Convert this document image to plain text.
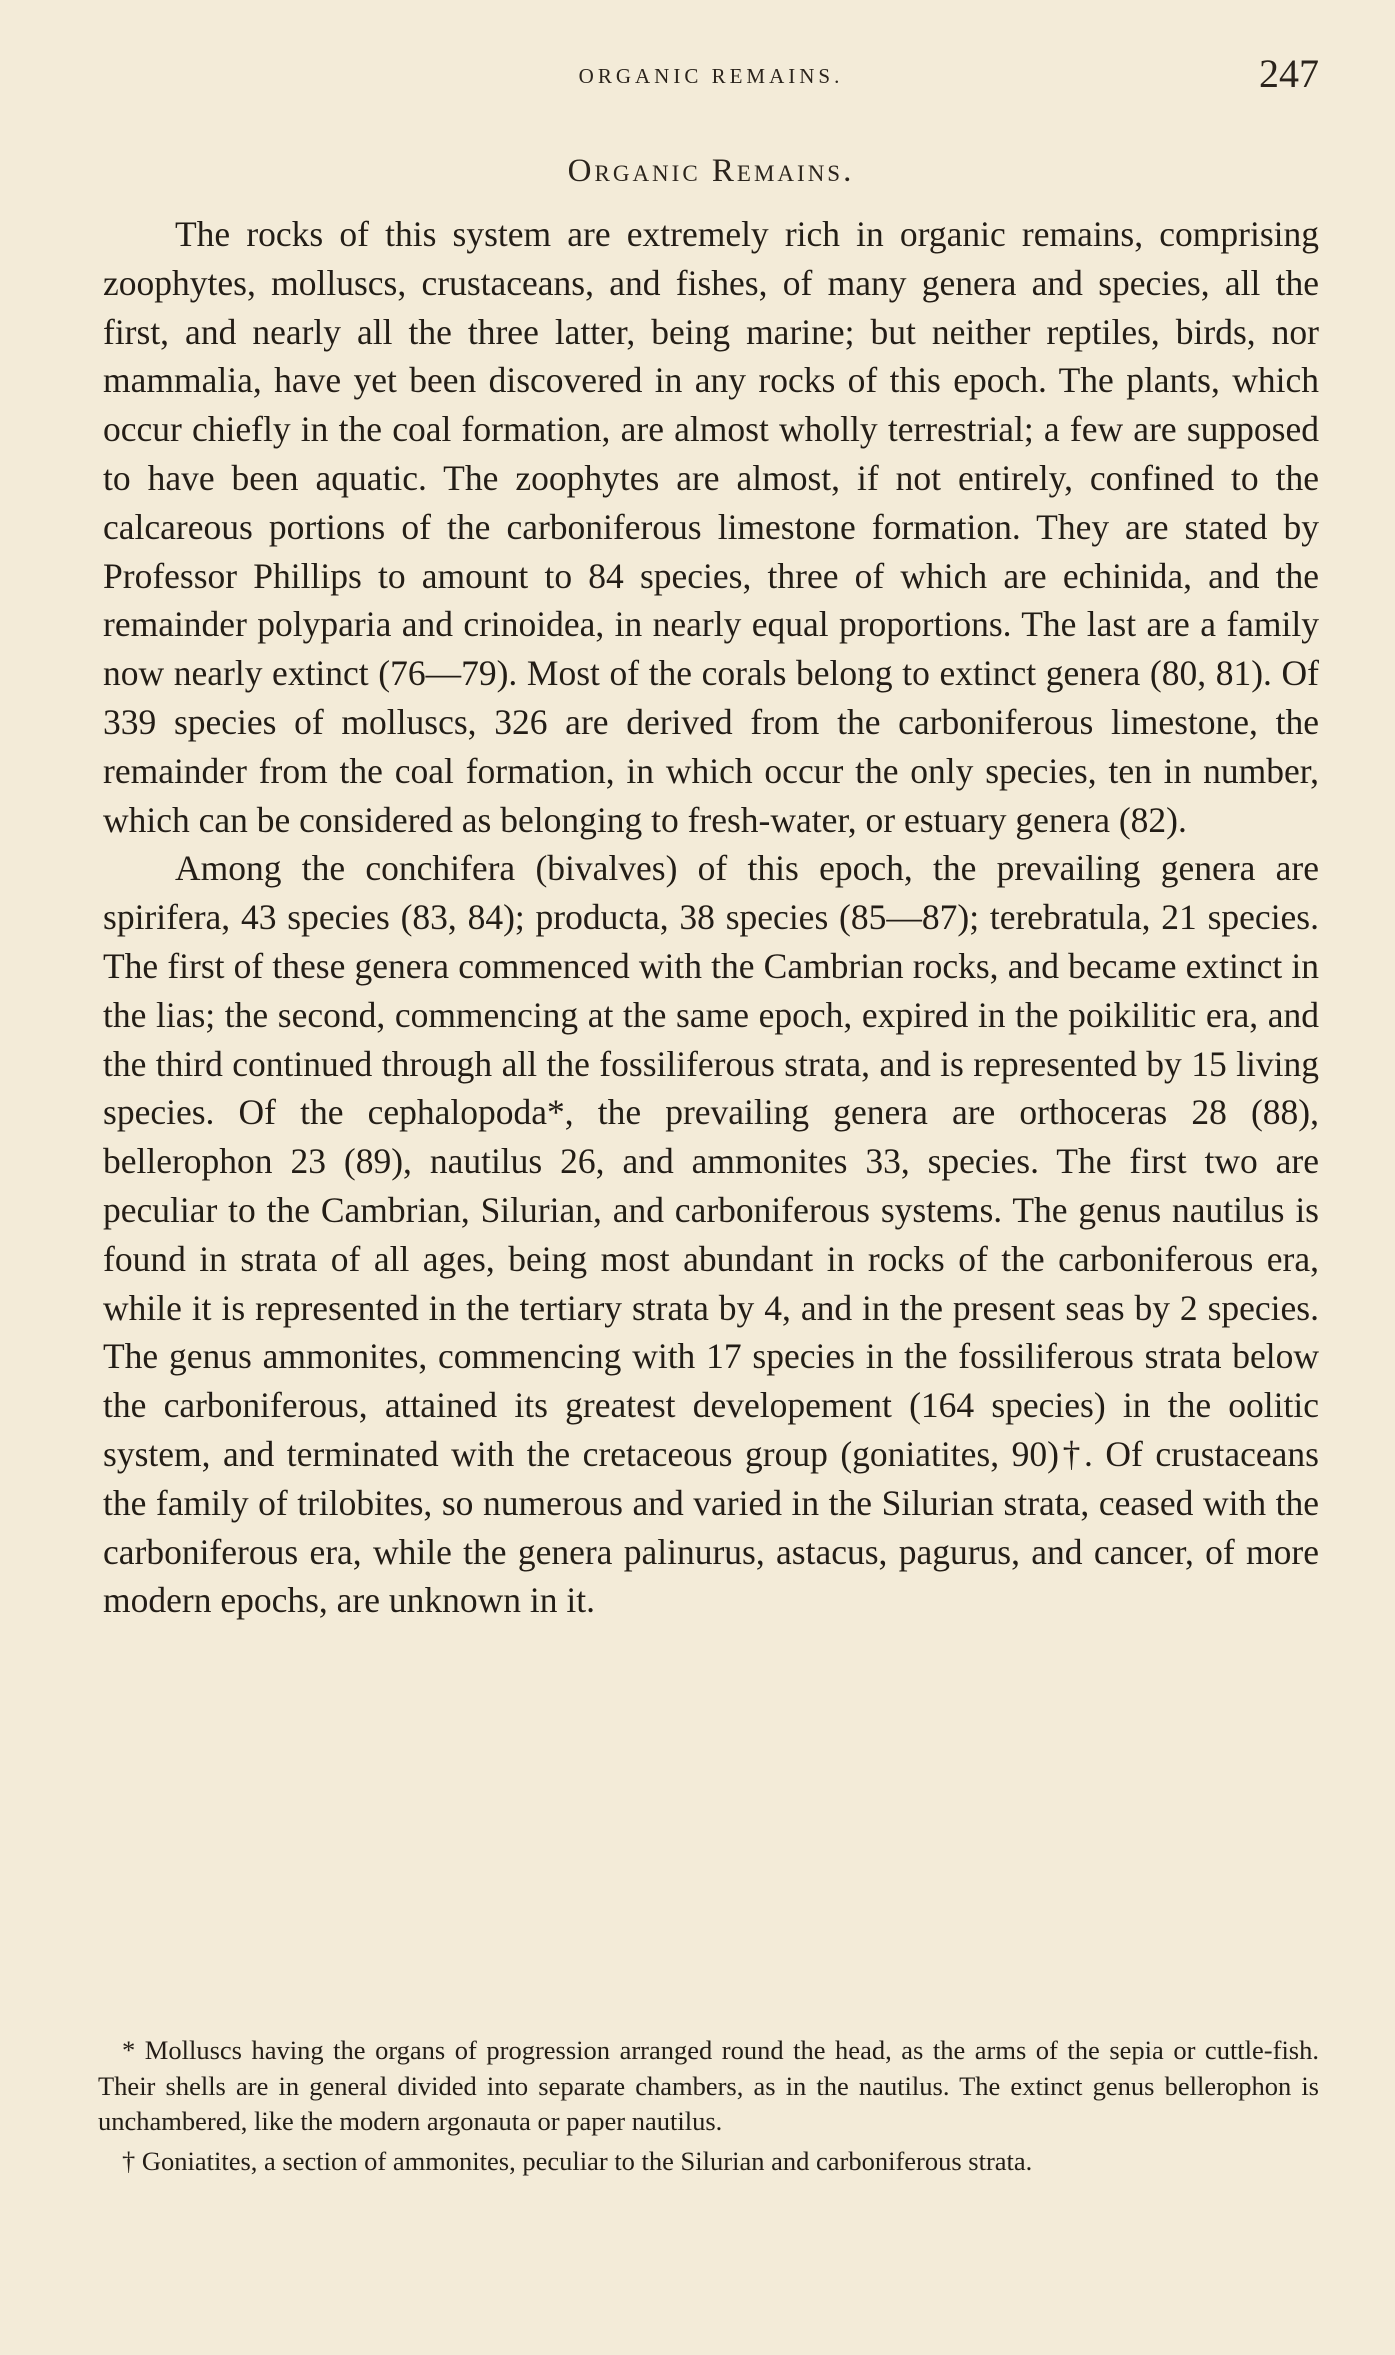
ORGANIC REMAINS.	247
Organic Remains.

The rocks of this system are extremely rich in organic remains, comprising zoophytes, molluscs, crustaceans, and fishes, of many genera and species, all the first, and nearly all the three latter, being marine; but neither reptiles, birds, nor mammalia, have yet been discovered in any rocks of this epoch. The plants, which occur chiefly in the coal formation, are almost wholly terrestrial; a few are supposed to have been aquatic. The zoophytes are almost, if not entirely, confined to the calcareous portions of the carboniferous limestone formation. They are stated by Professor Phillips to amount to 84 species, three of which are echinida, and the remainder polyparia and crinoidea, in nearly equal proportions. The last are a family now nearly extinct (76—79). Most of the corals belong to extinct genera (80, 81). Of 339 species of molluscs, 326 are derived from the carboniferous limestone, the remainder from the coal formation, in which occur the only species, ten in number, which can be considered as belonging to fresh-water, or estuary genera (82).

Among the conchifera (bivalves) of this epoch, the prevailing genera are spirifera, 43 species (83, 84); producta, 38 species (85—87); terebratula, 21 species. The first of these genera commenced with the Cambrian rocks, and became extinct in the lias; the second, commencing at the same epoch, expired in the poikilitic era, and the third continued through all the fossiliferous strata, and is represented by 15 living species. Of the cephalopoda*, the prevailing genera are orthoceras 28 (88), bellerophon 23 (89), nautilus 26, and ammonites 33, species. The first two are peculiar to the Cambrian, Silurian, and carboniferous systems. The genus nautilus is found in strata of all ages, being most abundant in rocks of the carboniferous era, while it is represented in the tertiary strata by 4, and in the present seas by 2 species. The genus ammonites, commencing with 17 species in the fossiliferous strata below the carboniferous, attained its greatest developement (164 species) in the oolitic system, and terminated with the cretaceous group (goniatites, 90)†. Of crustaceans the family of trilobites, so numerous and varied in the Silurian strata, ceased with the carboniferous era, while the genera palinurus, astacus, pagurus, and cancer, of more modern epochs, are unknown in it.

* Molluscs having the organs of progression arranged round the head, as the arms of the sepia or cuttle-fish. Their shells are in general divided into separate chambers, as in the nautilus. The extinct genus bellerophon is unchambered, like the modern argonauta or paper nautilus.

† Goniatites, a section of ammonites, peculiar to the Silurian and carboniferous strata.
